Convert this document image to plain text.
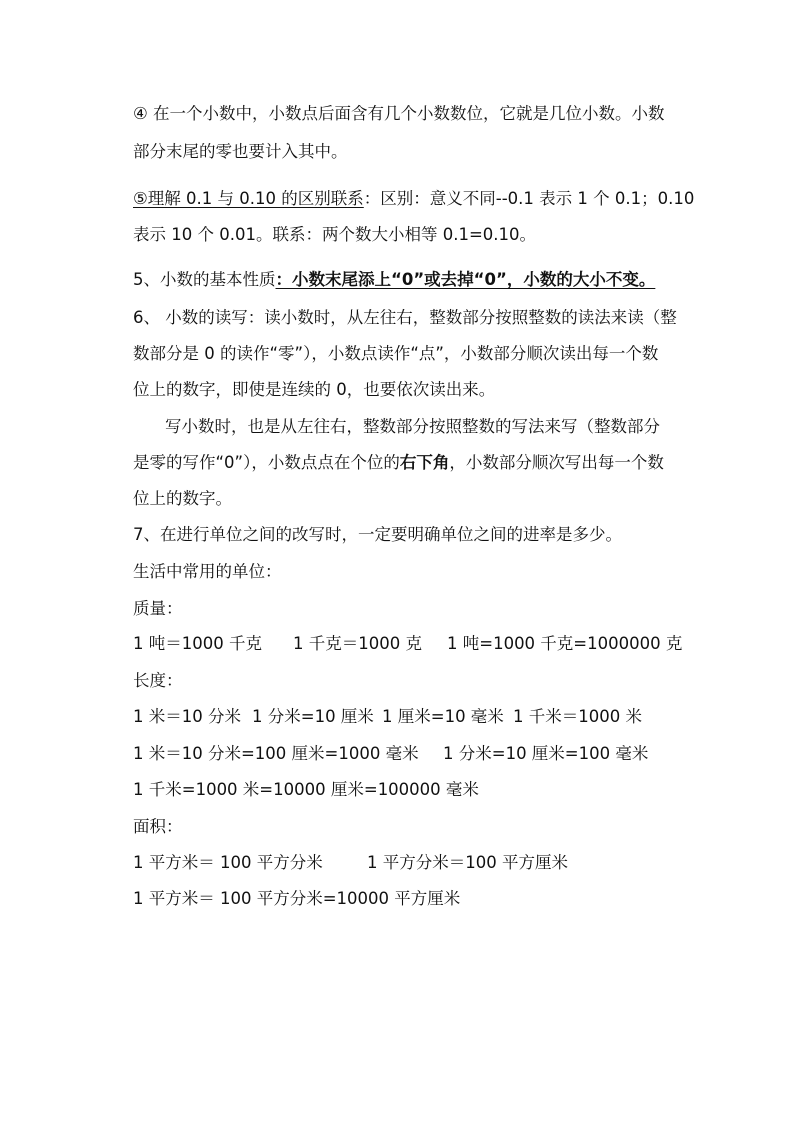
④ 在一个小数中，小数点后面含有几个小数数位，它就是几位小数。小数
部分末尾的零也要计入其中。
⑤理解 0.1 与 0.10 的区别联系：区别：意义不同--0.1 表示 1 个 0.1；0.10
表示 10 个 0.01。联系：两个数大小相等 0.1=0.10。
5、小数的基本性质：小数末尾添上“0”或去掉“0”，小数的大小不变。
6、 小数的读写：读小数时，从左往右，整数部分按照整数的读法来读（整
数部分是 0 的读作“零”），小数点读作“点”，小数部分顺次读出每一个数
位上的数字，即使是连续的 0，也要依次读出来。
写小数时，也是从左往右，整数部分按照整数的写法来写（整数部分
是零的写作“0”），小数点点在个位的右下角，小数部分顺次写出每一个数
位上的数字。
7、在进行单位之间的改写时，一定要明确单位之间的进率是多少。
生活中常用的单位：
质量：
1 吨＝1000 千克 1 千克＝1000 克 1 吨=1000 千克=1000000 克
长度：
1 米＝10 分米 1 分米=10 厘米 1 厘米=10 毫米 1 千米＝1000 米
1 米＝10 分米=100 厘米=1000 毫米 1 分米=10 厘米=100 毫米
1 千米=1000 米=10000 厘米=100000 毫米
面积：
1 平方米＝ 100 平方分米	1 平方分米＝100 平方厘米
1 平方米＝ 100 平方分米=10000 平方厘米
